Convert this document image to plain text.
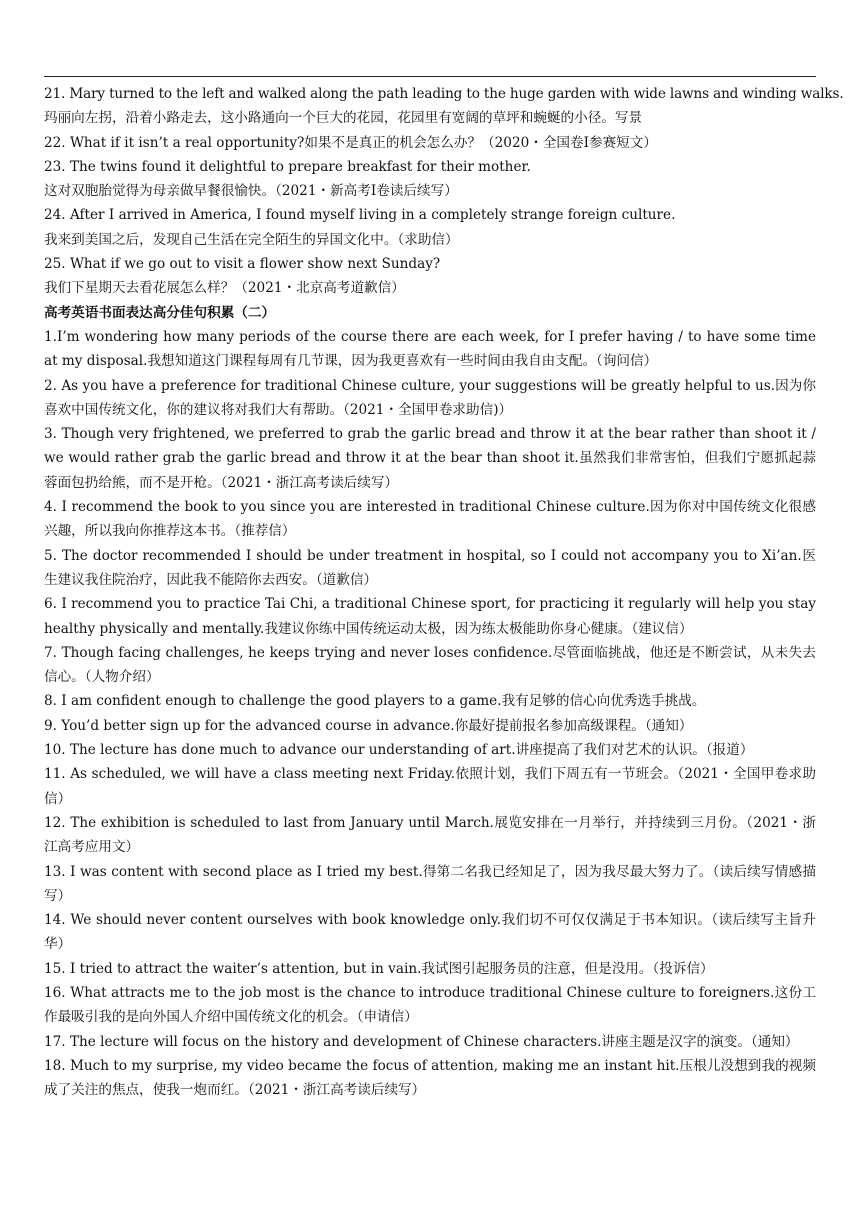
21. Mary turned to the left and walked along the path leading to the huge garden with wide lawns and winding walks.

玛丽向左拐，沿着小路走去，这小路通向一个巨大的花园，花园里有宽阔的草坪和蜿蜒的小径。写景

22. What if it isn’t a real opportunity?如果不是真正的机会怎么办？（2020・全国卷Ⅰ参赛短文）

23. The twins found it delightful to prepare breakfast for their mother.

这对双胞胎觉得为母亲做早餐很愉快。（2021・新高考Ⅰ卷读后续写）

24. After I arrived in America, I found myself living in a completely strange foreign culture.

我来到美国之后，发现自己生活在完全陌生的异国文化中。（求助信）

25. What if we go out to visit a flower show next Sunday?

我们下星期天去看花展怎么样？（2021・北京高考道歉信）

高考英语书面表达高分佳句积累（二）

1.I’m wondering how many periods of the course there are each week, for I prefer having / to have some time at my disposal.我想知道这门课程每周有几节课，因为我更喜欢有一些时间由我自由支配。（询问信）

2. As you have a preference for traditional Chinese culture, your suggestions will be greatly helpful to us.因为你喜欢中国传统文化，你的建议将对我们大有帮助。（2021・全国甲卷求助信)）

3. Though very frightened, we preferred to grab the garlic bread and throw it at the bear rather than shoot it / we would rather grab the garlic bread and throw it at the bear than shoot it.虽然我们非常害怕，但我们宁愿抓起蒜蓉面包扔给熊，而不是开枪。（2021・浙江高考读后续写）

4. I recommend the book to you since you are interested in traditional Chinese culture.因为你对中国传统文化很感兴趣，所以我向你推荐这本书。（推荐信）

5. The doctor recommended I should be under treatment in hospital, so I could not accompany you to Xi’an.医生建议我住院治疗，因此我不能陪你去西安。（道歉信）

6. I recommend you to practice Tai Chi, a traditional Chinese sport, for practicing it regularly will help you stay healthy physically and mentally.我建议你练中国传统运动太极，因为练太极能助你身心健康。（建议信）

7. Though facing challenges, he keeps trying and never loses confidence.尽管面临挑战，他还是不断尝试，从未失去信心。（人物介绍）

8. I am confident enough to challenge the good players to a game.我有足够的信心向优秀选手挑战。

9. You’d better sign up for the advanced course in advance.你最好提前报名参加高级课程。（通知）

10. The lecture has done much to advance our understanding of art.讲座提高了我们对艺术的认识。（报道）

11. As scheduled, we will have a class meeting next Friday.依照计划，我们下周五有一节班会。（2021・全国甲卷求助信）

12. The exhibition is scheduled to last from January until March.展览安排在一月举行，并持续到三月份。（2021・浙江高考应用文）

13. I was content with second place as I tried my best.得第二名我已经知足了，因为我尽最大努力了。（读后续写情感描写）

14. We should never content ourselves with book knowledge only.我们切不可仅仅满足于书本知识。（读后续写主旨升华）

15. I tried to attract the waiter’s attention, but in vain.我试图引起服务员的注意，但是没用。（投诉信）

16. What attracts me to the job most is the chance to introduce traditional Chinese culture to foreigners.这份工作最吸引我的是向外国人介绍中国传统文化的机会。（申请信）

17. The lecture will focus on the history and development of Chinese characters.讲座主题是汉字的演变。（通知）

18. Much to my surprise, my video became the focus of attention, making me an instant hit.压根儿没想到我的视频成了关注的焦点，使我一炮而红。（2021・浙江高考读后续写）
